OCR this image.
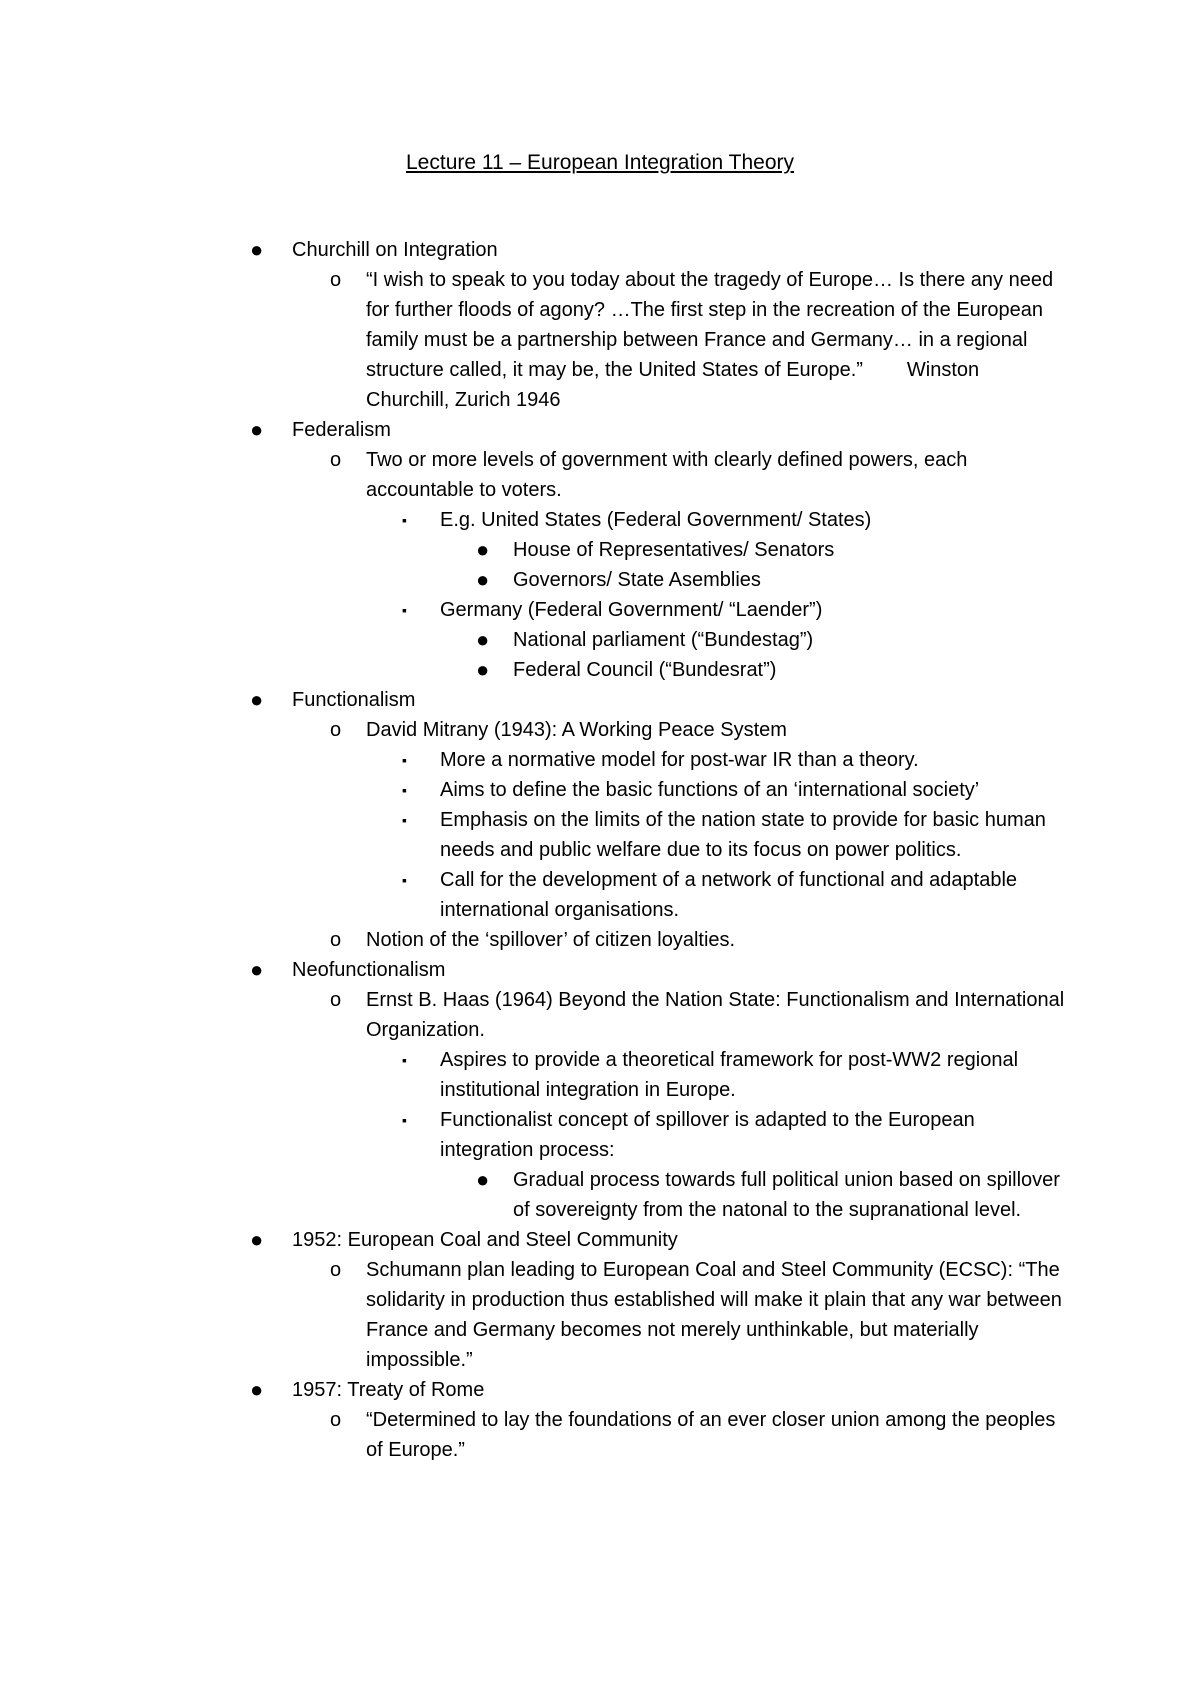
Lecture 11 – European Integration Theory
● Churchill on Integration
o “I wish to speak to you today about the tragedy of Europe… Is there any need for further floods of agony? …The first step in the recreation of the European family must be a partnership between France and Germany… in a regional structure called, it may be, the United States of Europe.” Winston Churchill, Zurich 1946
● Federalism
o Two or more levels of government with clearly defined powers, each accountable to voters.
▪ E.g. United States (Federal Government/ States)
● House of Representatives/ Senators
● Governors/ State Asemblies
▪ Germany (Federal Government/ “Laender”)
● National parliament (“Bundestag”)
● Federal Council (“Bundesrat”)
● Functionalism
o David Mitrany (1943): A Working Peace System
▪ More a normative model for post-war IR than a theory.
▪ Aims to define the basic functions of an ‘international society’
▪ Emphasis on the limits of the nation state to provide for basic human needs and public welfare due to its focus on power politics.
▪ Call for the development of a network of functional and adaptable international organisations.
o Notion of the ‘spillover’ of citizen loyalties.
● Neofunctionalism
o Ernst B. Haas (1964) Beyond the Nation State: Functionalism and International Organization.
▪ Aspires to provide a theoretical framework for post-WW2 regional institutional integration in Europe.
▪ Functionalist concept of spillover is adapted to the European integration process:
● Gradual process towards full political union based on spillover of sovereignty from the natonal to the supranational level.
● 1952: European Coal and Steel Community
o Schumann plan leading to European Coal and Steel Community (ECSC): “The solidarity in production thus established will make it plain that any war between France and Germany becomes not merely unthinkable, but materially impossible.”
● 1957: Treaty of Rome
o “Determined to lay the foundations of an ever closer union among the peoples of Europe.”
